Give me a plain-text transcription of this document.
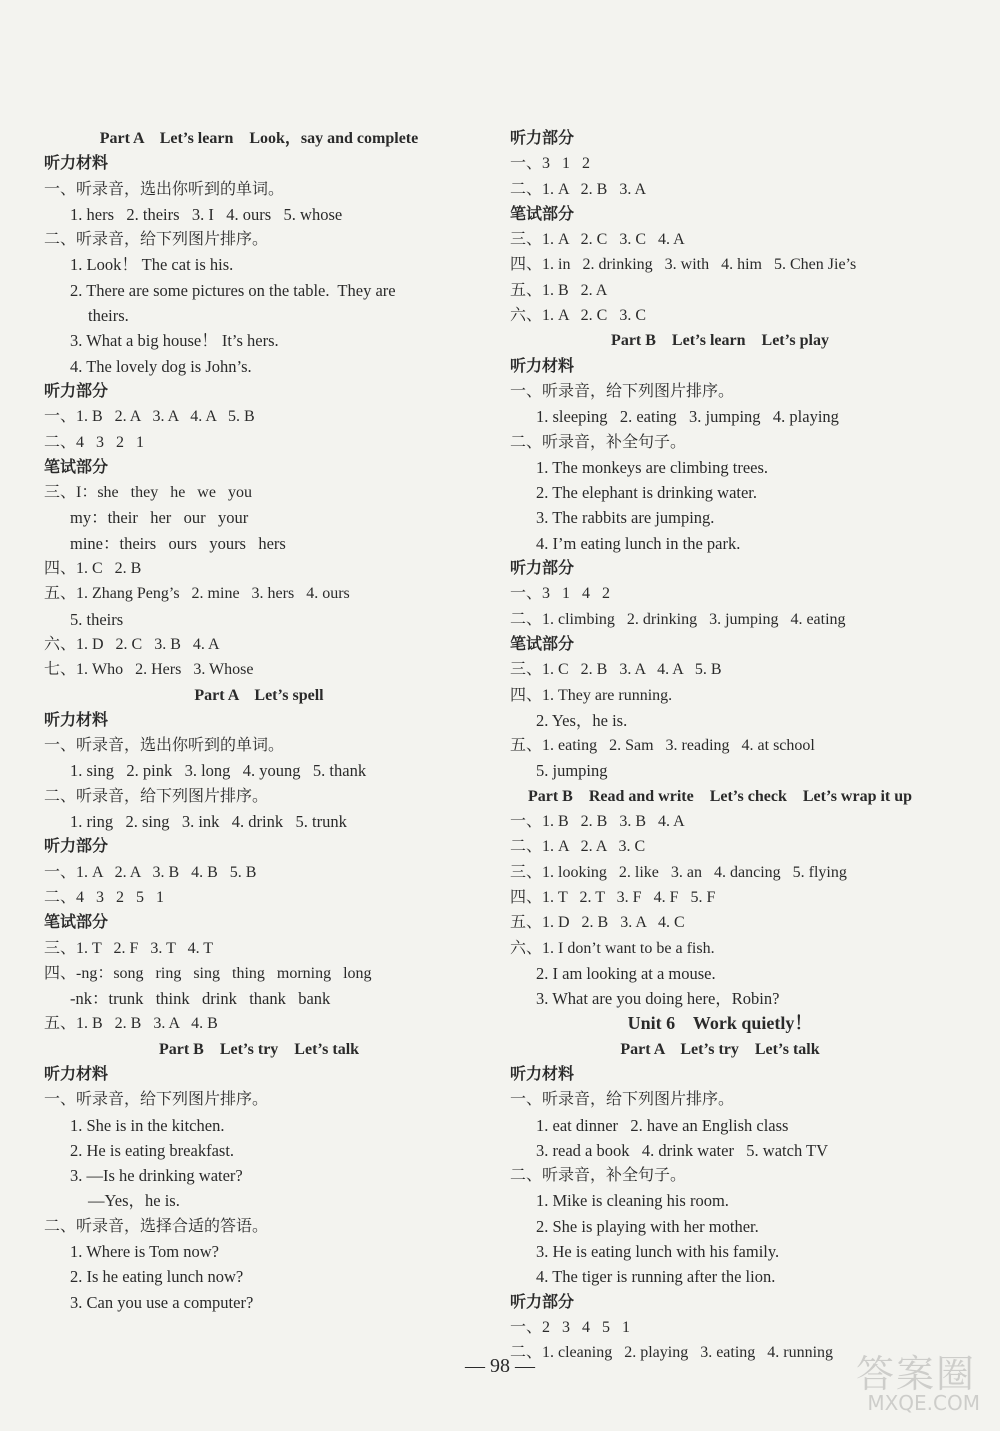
Part A    Let’s learn    Look，say and complete
听力材料
一、听录音，选出你听到的单词。
1. hers   2. theirs   3. I   4. ours   5. whose
二、听录音，给下列图片排序。
1. Look！ The cat is his.
2. There are some pictures on the table.  They are
theirs.
3. What a big house！ It’s hers.
4. The lovely dog is John’s.
听力部分
一、1. B   2. A   3. A   4. A   5. B
二、4   3   2   1
笔试部分
三、I：she   they   he   we   you
my：their   her   our   your
mine：theirs   ours   yours   hers
四、1. C   2. B
五、1. Zhang Peng’s   2. mine   3. hers   4. ours
5. theirs
六、1. D   2. C   3. B   4. A
七、1. Who   2. Hers   3. Whose
Part A    Let’s spell
听力材料
一、听录音，选出你听到的单词。
1. sing   2. pink   3. long   4. young   5. thank
二、听录音，给下列图片排序。
1. ring   2. sing   3. ink   4. drink   5. trunk
听力部分
一、1. A   2. A   3. B   4. B   5. B
二、4   3   2   5   1
笔试部分
三、1. T   2. F   3. T   4. T
四、-ng：song   ring   sing   thing   morning   long
-nk：trunk   think   drink   thank   bank
五、1. B   2. B   3. A   4. B
Part B    Let’s try    Let’s talk
听力材料
一、听录音，给下列图片排序。
1. She is in the kitchen.
2. He is eating breakfast.
3. —Is he drinking water?
—Yes，he is.
二、听录音，选择合适的答语。
1. Where is Tom now?
2. Is he eating lunch now?
3. Can you use a computer?
听力部分
一、3   1   2
二、1. A   2. B   3. A
笔试部分
三、1. A   2. C   3. C   4. A
四、1. in   2. drinking   3. with   4. him   5. Chen Jie’s
五、1. B   2. A
六、1. A   2. C   3. C
Part B    Let’s learn    Let’s play
听力材料
一、听录音，给下列图片排序。
1. sleeping   2. eating   3. jumping   4. playing
二、听录音，补全句子。
1. The monkeys are climbing trees.
2. The elephant is drinking water.
3. The rabbits are jumping.
4. I’m eating lunch in the park.
听力部分
一、3   1   4   2
二、1. climbing   2. drinking   3. jumping   4. eating
笔试部分
三、1. C   2. B   3. A   4. A   5. B
四、1. They are running.
2. Yes，he is.
五、1. eating   2. Sam   3. reading   4. at school
5. jumping
Part B    Read and write    Let’s check    Let’s wrap it up
一、1. B   2. B   3. B   4. A
二、1. A   2. A   3. C
三、1. looking   2. like   3. an   4. dancing   5. flying
四、1. T   2. T   3. F   4. F   5. F
五、1. D   2. B   3. A   4. C
六、1. I don’t want to be a fish.
2. I am looking at a mouse.
3. What are you doing here，Robin?
Unit 6    Work quietly！
Part A    Let’s try    Let’s talk
听力材料
一、听录音，给下列图片排序。
1. eat dinner   2. have an English class
3. read a book   4. drink water   5. watch TV
二、听录音，补全句子。
1. Mike is cleaning his room.
2. She is playing with her mother.
3. He is eating lunch with his family.
4. The tiger is running after the lion.
听力部分
一、2   3   4   5   1
二、1. cleaning   2. playing   3. eating   4. running
— 98 —	答案圈
MXQE.COM
